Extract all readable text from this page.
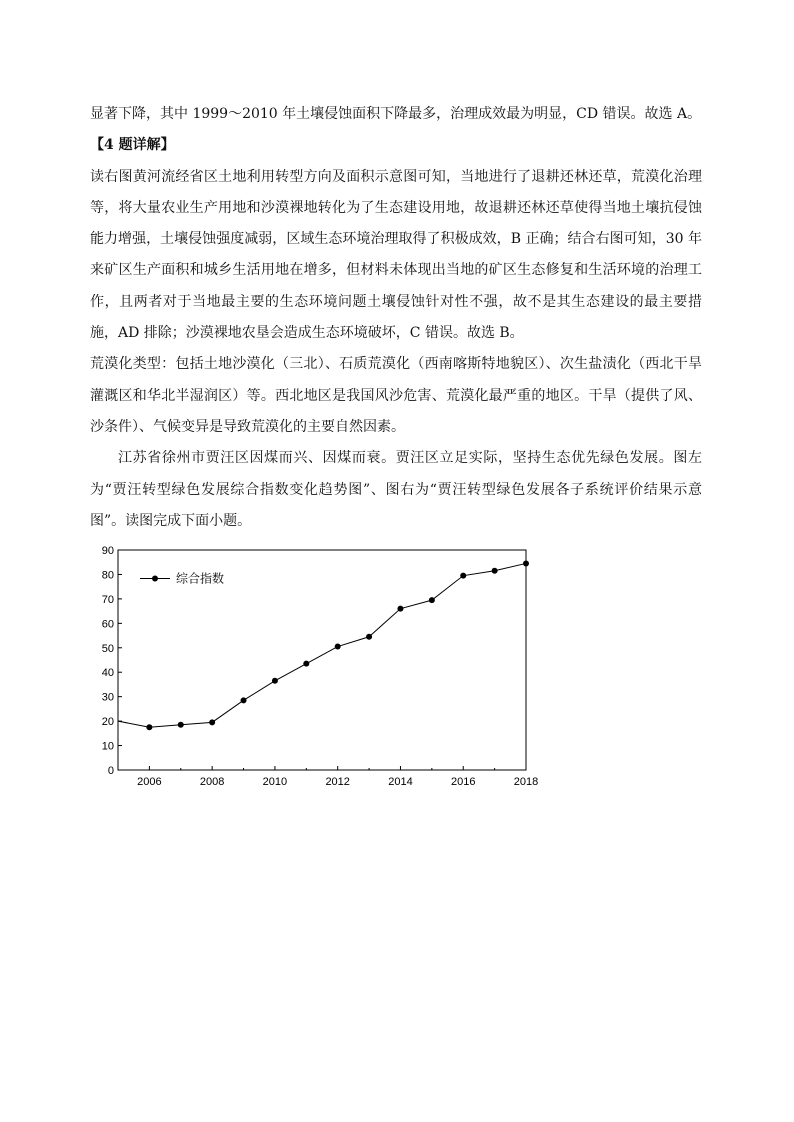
显著下降，其中 1999～2010 年土壤侵蚀面积下降最多，治理成效最为明显，CD 错误。故选 A。

【4 题详解】

读右图黄河流经省区土地利用转型方向及面积示意图可知，当地进行了退耕还林还草，荒漠化治理等，将大量农业生产用地和沙漠裸地转化为了生态建设用地，故退耕还林还草使得当地土壤抗侵蚀能力增强，土壤侵蚀强度减弱，区域生态环境治理取得了积极成效，B 正确；结合右图可知，30 年来矿区生产面积和城乡生活用地在增多，但材料未体现出当地的矿区生态修复和生活环境的治理工作，且两者对于当地最主要的生态环境问题土壤侵蚀针对性不强，故不是其生态建设的最主要措施，AD 排除；沙漠裸地农垦会造成生态环境破坏，C 错误。故选 B。

荒漠化类型：包括土地沙漠化（三北）、石质荒漠化（西南喀斯特地貌区）、次生盐渍化（西北干旱灌溉区和华北半湿润区）等。西北地区是我国风沙危害、荒漠化最严重的地区。干旱（提供了风、沙条件）、气候变异是导致荒漠化的主要自然因素。

江苏省徐州市贾汪区因煤而兴、因煤而衰。贾汪区立足实际，坚持生态优先绿色发展。图左为“贾汪转型绿色发展综合指数变化趋势图”、图右为“贾汪转型绿色发展各子系统评价结果示意图”。读图完成下面小题。

0
10
20
30
40
50
60
70
80
90
2006	2008	2010	2012	2014	2016	2018
综合指数
